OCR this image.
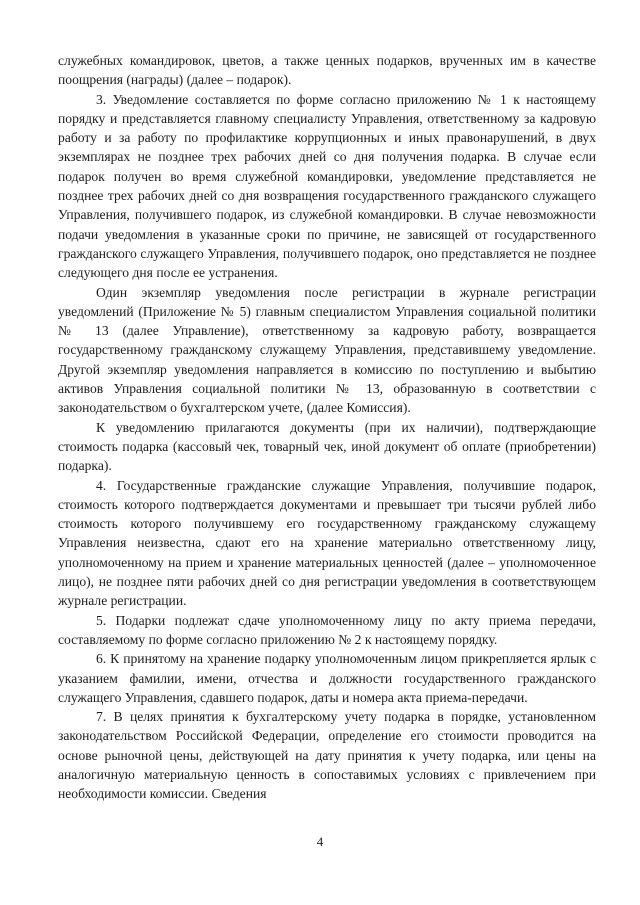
служебных командировок, цветов, а также ценных подарков, врученных им в качестве поощрения (награды) (далее – подарок).

3. Уведомление составляется по форме согласно приложению № 1 к настоящему порядку и представляется главному специалисту Управления, ответственному за кадровую работу и за работу по профилактике коррупционных и иных правонарушений, в двух экземплярах не позднее трех рабочих дней со дня получения подарка. В случае если подарок получен во время служебной командировки, уведомление представляется не позднее трех рабочих дней со дня возвращения государственного гражданского служащего Управления, получившего подарок, из служебной командировки. В случае невозможности подачи уведомления в указанные сроки по причине, не зависящей от государственного гражданского служащего Управления, получившего подарок, оно представляется не позднее следующего дня после ее устранения.

Один экземпляр уведомления после регистрации в журнале регистрации уведомлений (Приложение № 5) главным специалистом Управления социальной политики № 13 (далее Управление), ответственному за кадровую работу, возвращается государственному гражданскому служащему Управления, представившему уведомление. Другой экземпляр уведомления направляется в комиссию по поступлению и выбытию активов Управления социальной политики № 13, образованную в соответствии с законодательством о бухгалтерском учете, (далее Комиссия).

К уведомлению прилагаются документы (при их наличии), подтверждающие стоимость подарка (кассовый чек, товарный чек, иной документ об оплате (приобретении) подарка).

4. Государственные гражданские служащие Управления, получившие подарок, стоимость которого подтверждается документами и превышает три тысячи рублей либо стоимость которого получившему его государственному гражданскому служащему Управления неизвестна, сдают его на хранение материально ответственному лицу, уполномоченному на прием и хранение материальных ценностей (далее – уполномоченное лицо), не позднее пяти рабочих дней со дня регистрации уведомления в соответствующем журнале регистрации.

5. Подарки подлежат сдаче уполномоченному лицу по акту приема передачи, составляемому по форме согласно приложению № 2 к настоящему порядку.

6. К принятому на хранение подарку уполномоченным лицом прикрепляется ярлык с указанием фамилии, имени, отчества и должности государственного гражданского служащего Управления, сдавшего подарок, даты и номера акта приема-передачи.

7. В целях принятия к бухгалтерскому учету подарка в порядке, установленном законодательством Российской Федерации, определение его стоимости проводится на основе рыночной цены, действующей на дату принятия к учету подарка, или цены на аналогичную материальную ценность в сопоставимых условиях с привлечением при необходимости комиссии. Сведения

4
